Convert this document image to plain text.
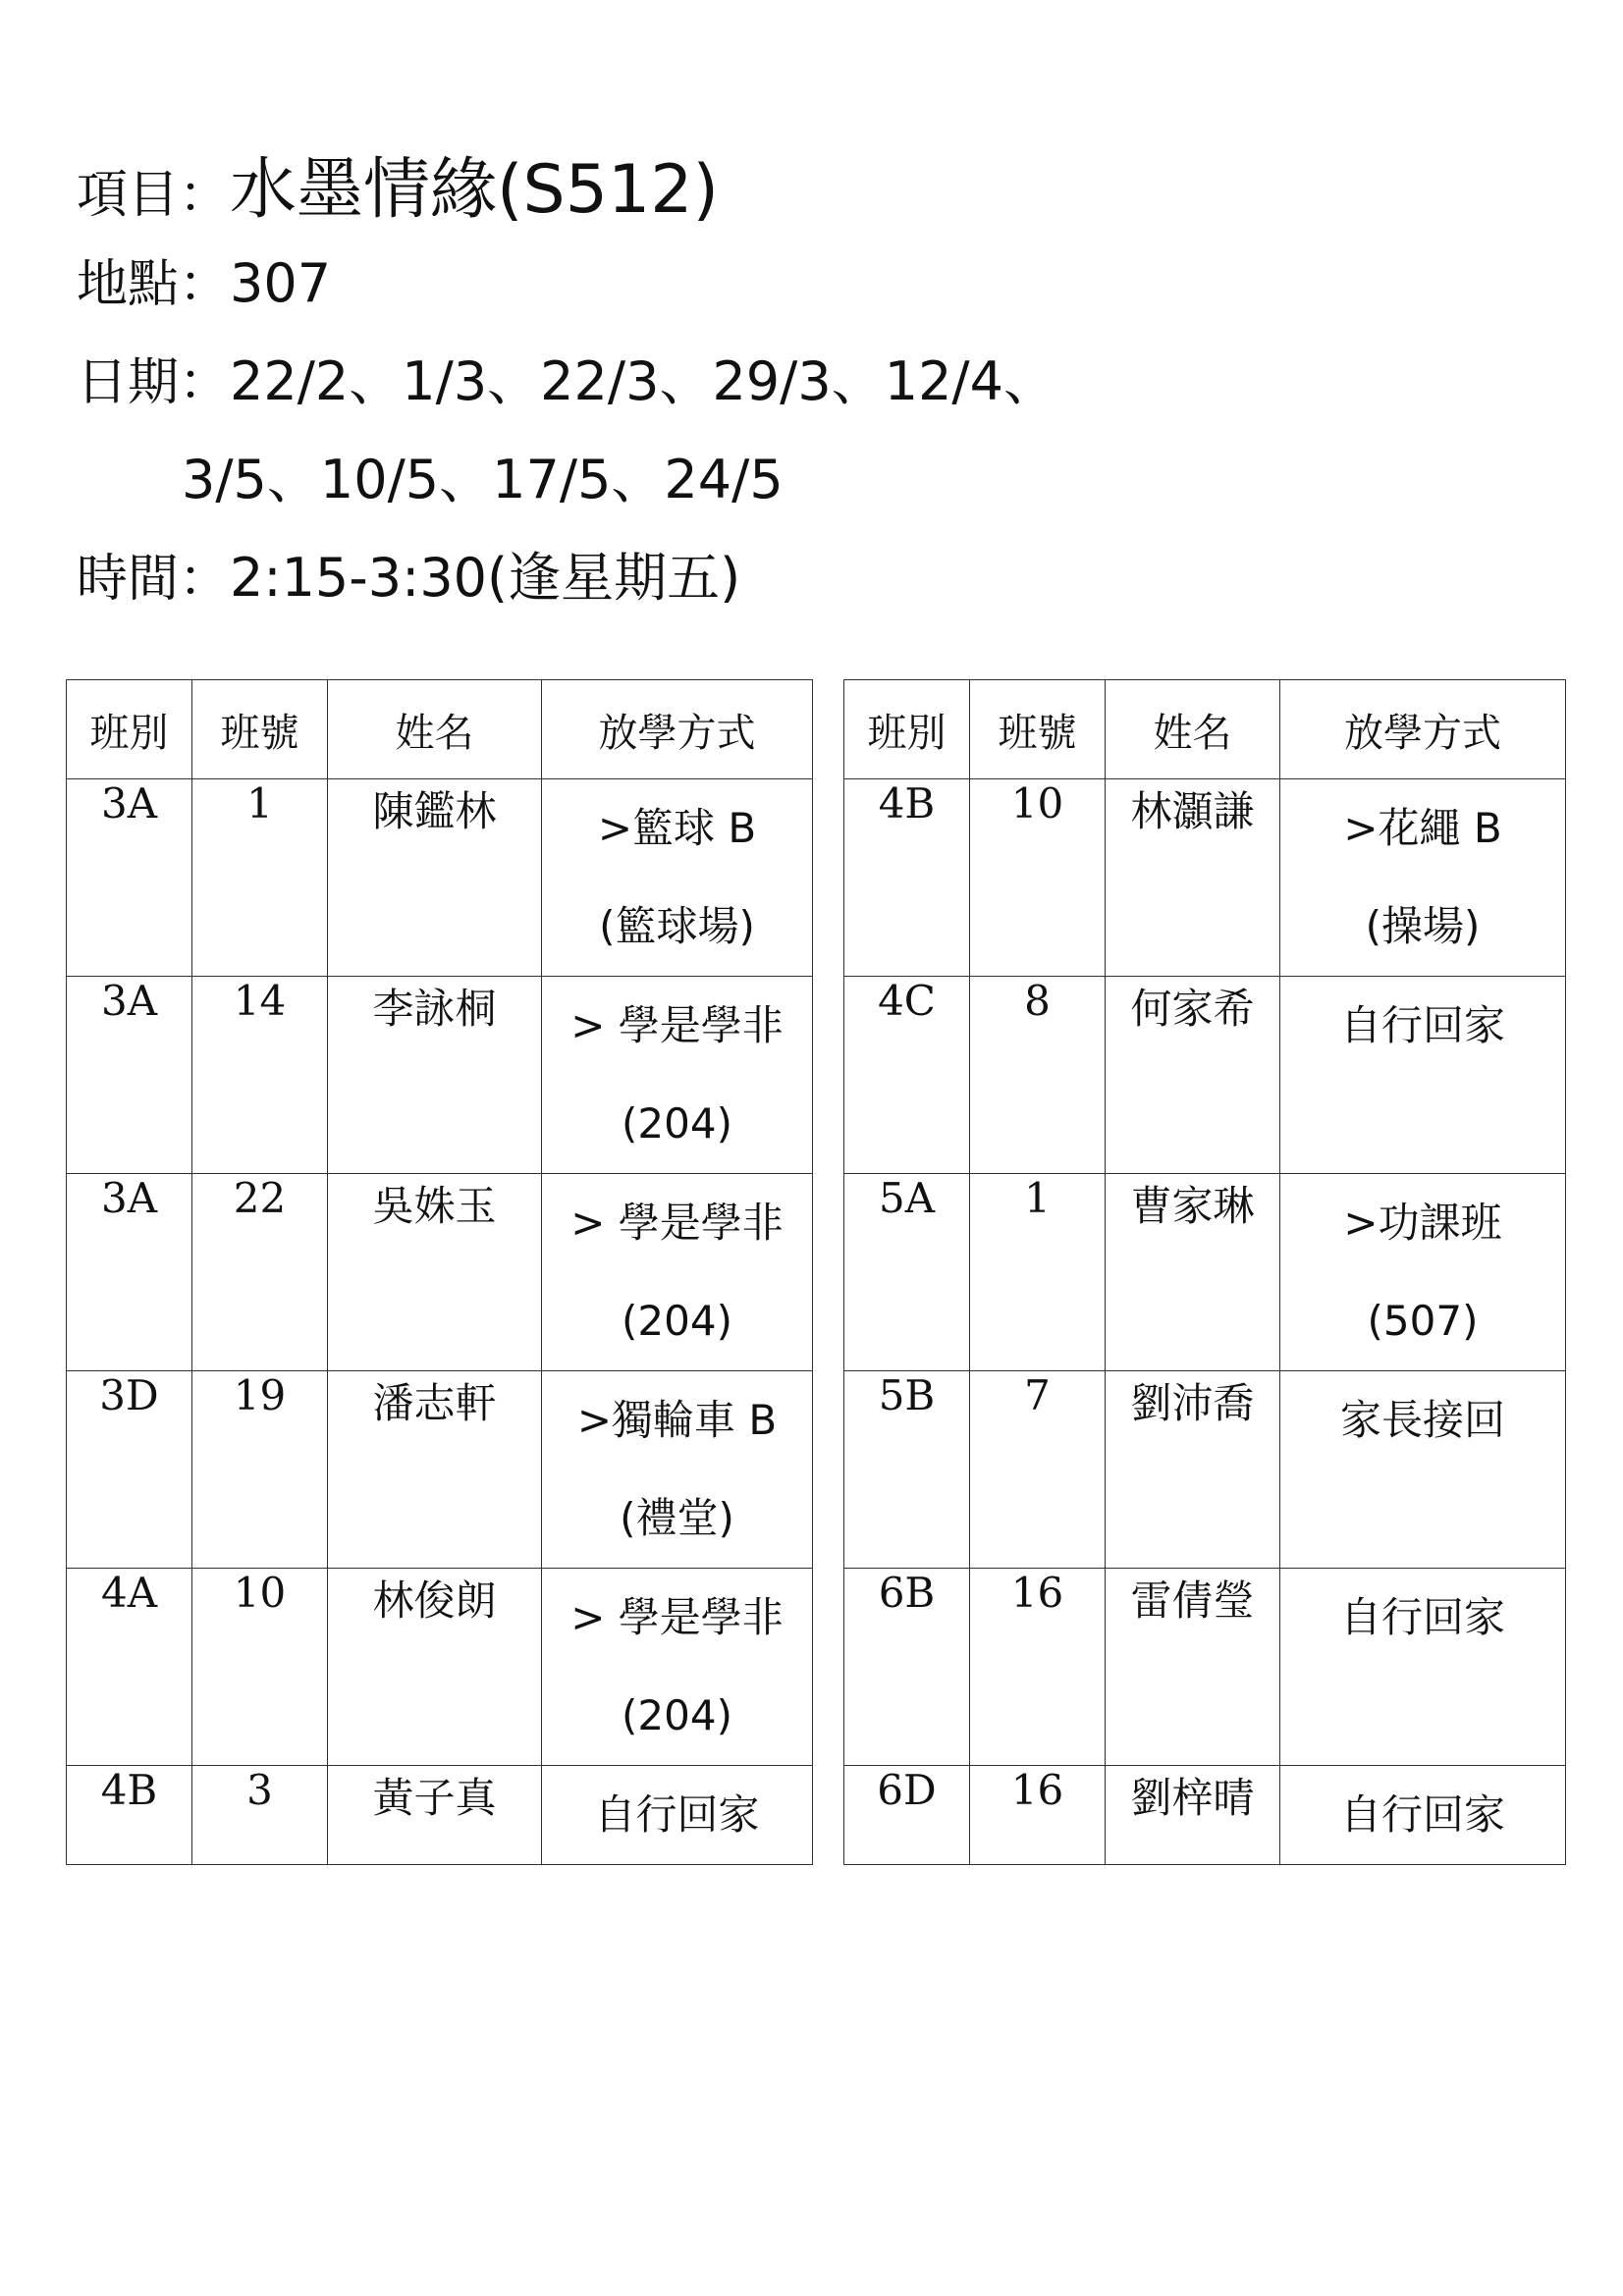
項目：水墨情緣(S512)
地點：307
日期：22/2、1/3、22/3、29/3、12/4、
3/5、10/5、17/5、24/5
時間：2:15-3:30(逢星期五)
班別	班號	姓名	放學方式
3A	1	陳鑑林	>籃球 B
(籃球場)

3A	14	李詠桐	> 學是學非
(204)

3A	22	吳姝玉	> 學是學非
(204)

3D	19	潘志軒	>獨輪車 B
(禮堂)

4A	10	林俊朗	> 學是學非
(204)

4B	3	黃子真	自行回家
班別	班號	姓名	放學方式
4B	10	林灝謙	>花繩 B
(操場)

4C	8	何家希	自行回家

5A	1	曹家琳	>功課班
(507)

5B	7	劉沛喬	家長接回

6B	16	雷倩瑩	自行回家

6D	16	劉梓晴	自行回家
